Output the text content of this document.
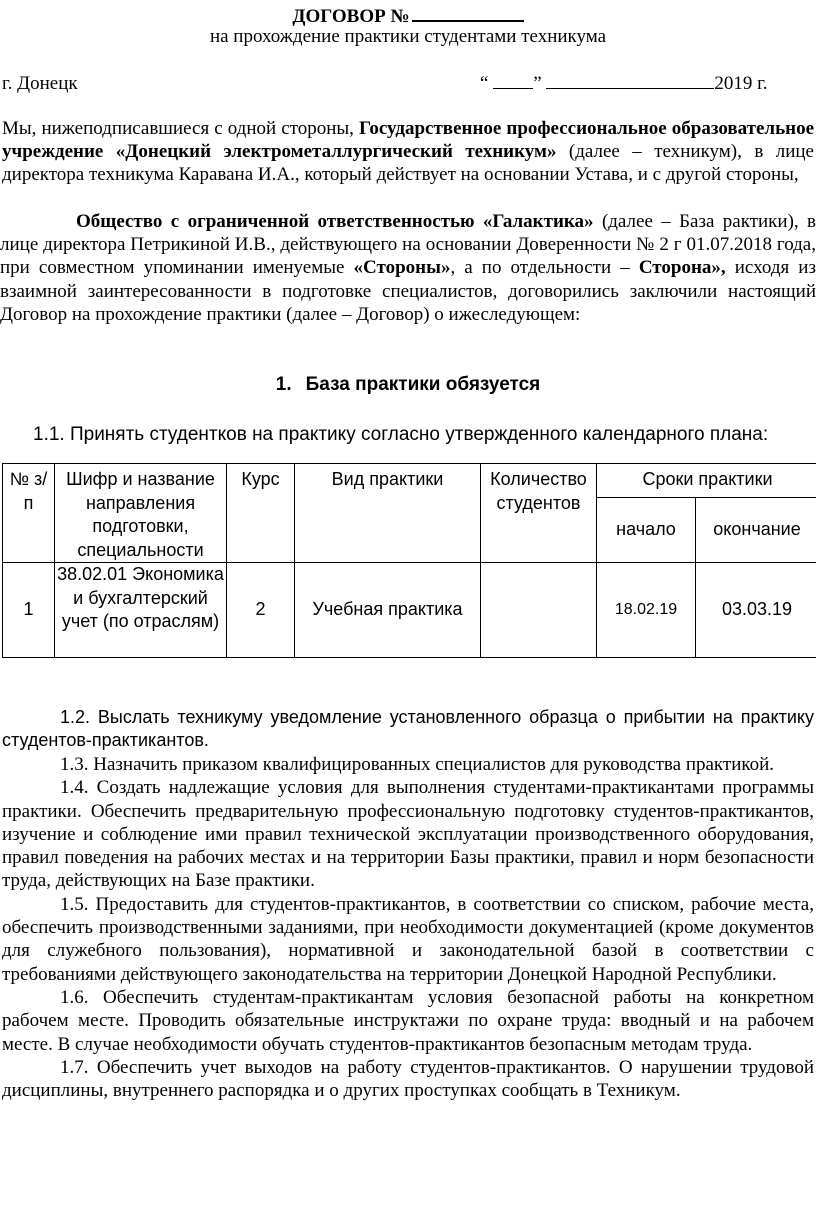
ДОГОВОР №
на прохождение практики студентами техникума
г. Донецк	“ ”	2019 г.
Мы, нижеподписавшиеся с одной стороны, Государственное профессиональное образовательное учреждение «Донецкий электрометаллургический техникум» (далее – техникум), в лице директора техникума Каравана И.А., который действует на основании Устава, и с другой стороны,
Общество с ограниченной ответственностью «Галактика» (далее – База рактики), в лице директора Петрикиной И.В., действующего на основании Доверенности № 2 г 01.07.2018 года, при совместном упоминании именуемые «Стороны», а по отдельности – Сторона», исходя из взаимной заинтересованности в подготовке специалистов, договорились заключили настоящий Договор на прохождение практики (далее – Договор) о ижеследующем:
1. База практики обязуется
1.1. Принять студентков на практику согласно утвержденного календарного плана:
№ з/п	Шифр и название направления подготовки, специальности	Курс	Вид практики	Количество студентов	Сроки практики	
					начало	окончание
1	38.02.01 Экономика и бухгалтерский учет (по отраслям)	2	Учебная практика		18.02.19	03.03.19
1.2. Выслать техникуму уведомление установленного образца о прибытии на практику студентов-практикантов.
1.3. Назначить приказом квалифицированных специалистов для руководства практикой.
1.4. Создать надлежащие условия для выполнения студентами-практикантами программы практики. Обеспечить предварительную профессиональную подготовку студентов-практикантов, изучение и соблюдение ими правил технической эксплуатации производственного оборудования, правил поведения на рабочих местах и на территории Базы практики, правил и норм безопасности труда, действующих на Базе практики.
1.5. Предоставить для студентов-практикантов, в соответствии со списком, рабочие места, обеспечить производственными заданиями, при необходимости документацией (кроме документов для служебного пользования), нормативной и законодательной базой в соответствии с требованиями действующего законодательства на территории Донецкой Народной Республики.
1.6. Обеспечить студентам-практикантам условия безопасной работы на конкретном рабочем месте. Проводить обязательные инструктажи по охране труда: вводный и на рабочем месте. В случае необходимости обучать студентов-практикантов безопасным методам труда.
1.7. Обеспечить учет выходов на работу студентов-практикантов. О нарушении трудовой дисциплины, внутреннего распорядка и о других проступках сообщать в Техникум.
